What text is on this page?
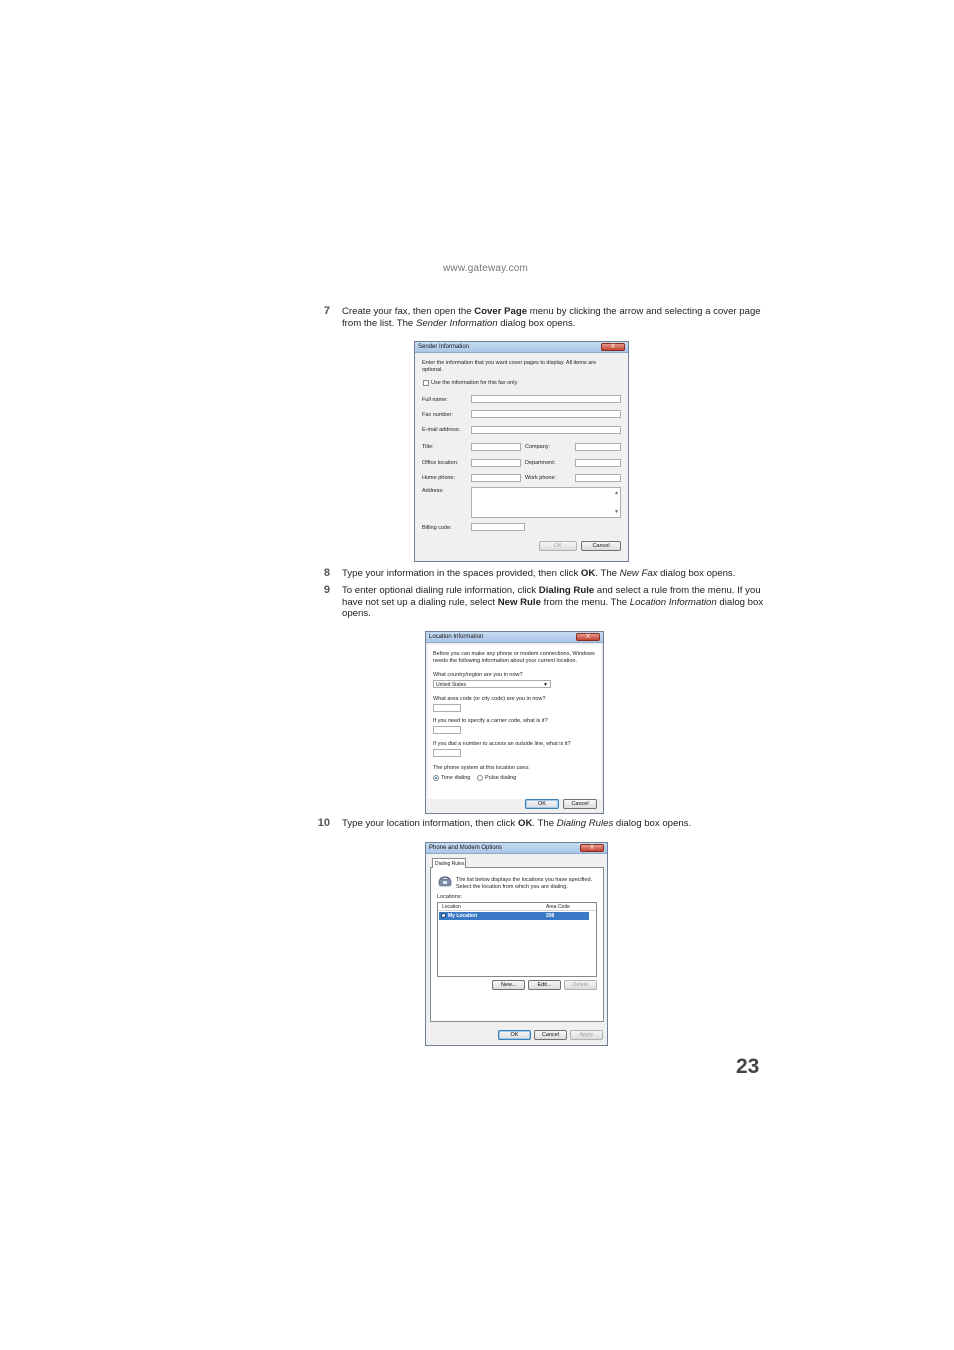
www.gateway.com
7 Create your fax, then open the Cover Page menu by clicking the arrow and selecting a cover page from the list. The Sender Information dialog box opens.
Sender Information	X
Enter the information that you want cover pages to display. All items are optional.
Use the information for this fax only
Full name:
Fax number:
E-mail address:
Title:	Company:
Office location:	Department:
Home phone:	Work phone:
Address:	▲
▼
Billing code:
OK	Cancel
8 Type your information in the spaces provided, then click OK. The New Fax dialog box opens.
9 To enter optional dialing rule information, click Dialing Rule and select a rule from the menu. If you have not set up a dialing rule, select New Rule from the menu. The Location Information dialog box opens.
Location Information	X
Before you can make any phone or modem connections, Windows needs the following information about your current location.
What country/region are you in now?
United States	▼
What area code (or city code) are you in now?
If you need to specify a carrier code, what is it?
If you dial a number to access an outside line, what is it?
The phone system at this location uses:
Tone dialing	Pulse dialing
OK	Cancel
10 Type your location information, then click OK. The Dialing Rules dialog box opens.
Phone and Modem Options	X
Dialing Rules
The list below displays the locations you have specified. Select the location from which you are dialing.
Locations:
Location	Area Code
My Location	208
New...	Edit...	Delete
OK	Cancel	Apply
23
